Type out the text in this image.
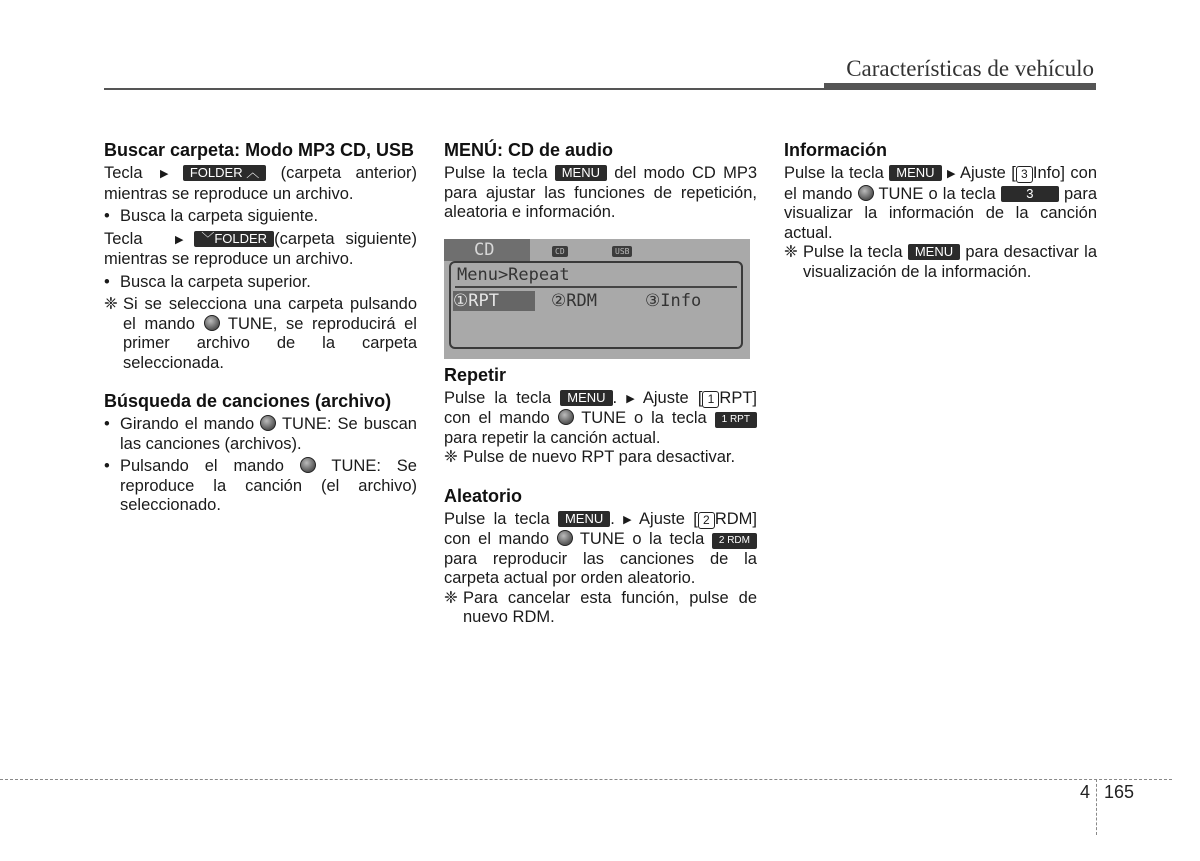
Características de vehículo
Buscar carpeta: Modo MP3 CD, USB

Tecla  ▶ FOLDER ︿ (carpeta anterior) mientras se reproduce un archivo.

• Busca la carpeta siguiente.

Tecla	▶ ﹀FOLDER (carpeta siguiente) mientras se reproduce un archivo.

• Busca la carpeta superior.
❈ Si se selecciona una carpeta pulsando el mando TUNE, se reproducirá el primer archivo de la carpeta seleccionada.
Búsqueda de canciones (archivo)
• Girando el mando TUNE: Se buscan las canciones (archivos).
• Pulsando el mando	TUNE: Se reproduce la canción (el archivo) seleccionado.
MENÚ: CD de audio

Pulse la tecla MENU del modo CD MP3 para ajustar las funciones de repetición, aleatoria e información.

CD	CD	USB
Menu>Repeat
①RPT	②RDM	③Info
Repetir

Pulse la tecla MENU . ▶ Ajuste [ 1 RPT] con el mando TUNE o la tecla 1 RPT para repetir la canción actual.

❈ Pulse de nuevo RPT para desactivar.
Aleatorio

Pulse la tecla MENU . ▶ Ajuste [ 2 RDM] con el mando TUNE o la tecla 2 RDM para reproducir las canciones de la carpeta actual por orden aleatorio.

❈ Para cancelar esta función, pulse de nuevo RDM.
Información

Pulse la tecla MENU ▶ Ajuste [ 3 Info] con el mando TUNE o la tecla 3 para visualizar la información de la canción actual.

❈ Pulse la tecla MENU para desactivar la visualización de la información.
4 165
